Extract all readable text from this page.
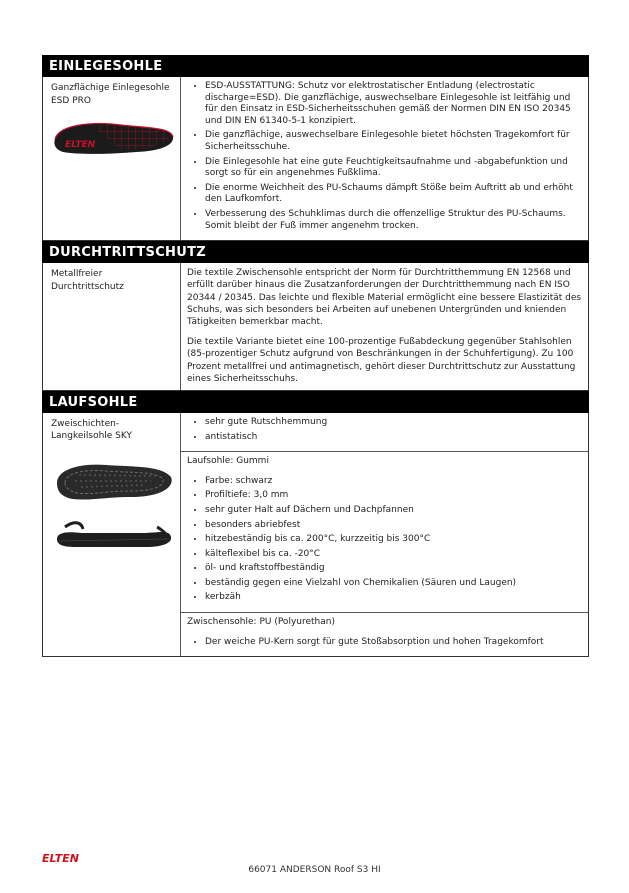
EINLEGESOHLE
Ganzflächige Einlegesohle ESD PRO
ELTEN
• ESD-AUSSTATTUNG: Schutz vor elektrostatischer Entladung (electrostatic discharge=ESD). Die ganzflächige, auswechselbare Einlegesohle ist leitfähig und für den Einsatz in ESD-Sicherheitsschuhen gemäß der Normen DIN EN ISO 20345 und DIN EN 61340-5-1 konzipiert.
• Die ganzflächige, auswechselbare Einlegesohle bietet höchsten Tragekomfort für Sicherheitsschuhe.
• Die Einlegesohle hat eine gute Feuchtigkeitsaufnahme und -abgabefunktion und sorgt so für ein angenehmes Fußklima.
• Die enorme Weichheit des PU-Schaums dämpft Stöße beim Auftritt ab und erhöht den Laufkomfort.
• Verbesserung des Schuhklimas durch die offenzellige Struktur des PU-Schaums. Somit bleibt der Fuß immer angenehm trocken.
DURCHTRITTSCHUTZ
Metallfreier Durchtrittschutz

Die textile Zwischensohle entspricht der Norm für Durchtritthemmung EN 12568 und erfüllt darüber hinaus die Zusatzanforderungen der Durchtritthemmung nach EN ISO 20344 / 20345. Das leichte und flexible Material ermöglicht eine bessere Elastizität des Schuhs, was sich besonders bei Arbeiten auf unebenen Untergründen und knienden Tätigkeiten bemerkbar macht.

Die textile Variante bietet eine 100-prozentige Fußabdeckung gegenüber Stahlsohlen (85-prozentiger Schutz aufgrund von Beschränkungen in der Schuhfertigung). Zu 100 Prozent metallfrei und antimagnetisch, gehört dieser Durchtrittschutz zur Ausstattung eines Sicherheitsschuhs.

LAUFSOHLE
Zweischichten-Langkeilsohle SKY
• sehr gute Rutschhemmung
• antistatisch
Laufsohle: Gummi
• Farbe: schwarz
• Profiltiefe: 3,0 mm
• sehr guter Halt auf Dächern und Dachpfannen
• besonders abriebfest
• hitzebeständig bis ca. 200°C, kurzzeitig bis 300°C
• kälteflexibel bis ca. -20°C
• öl- und kraftstoffbeständig
• beständig gegen eine Vielzahl von Chemikalien (Säuren und Laugen)
• kerbzäh
Zwischensohle: PU (Polyurethan)
• Der weiche PU-Kern sorgt für gute Stoßabsorption und hohen Tragekomfort
ELTEN
66071 ANDERSON Roof S3 HI
